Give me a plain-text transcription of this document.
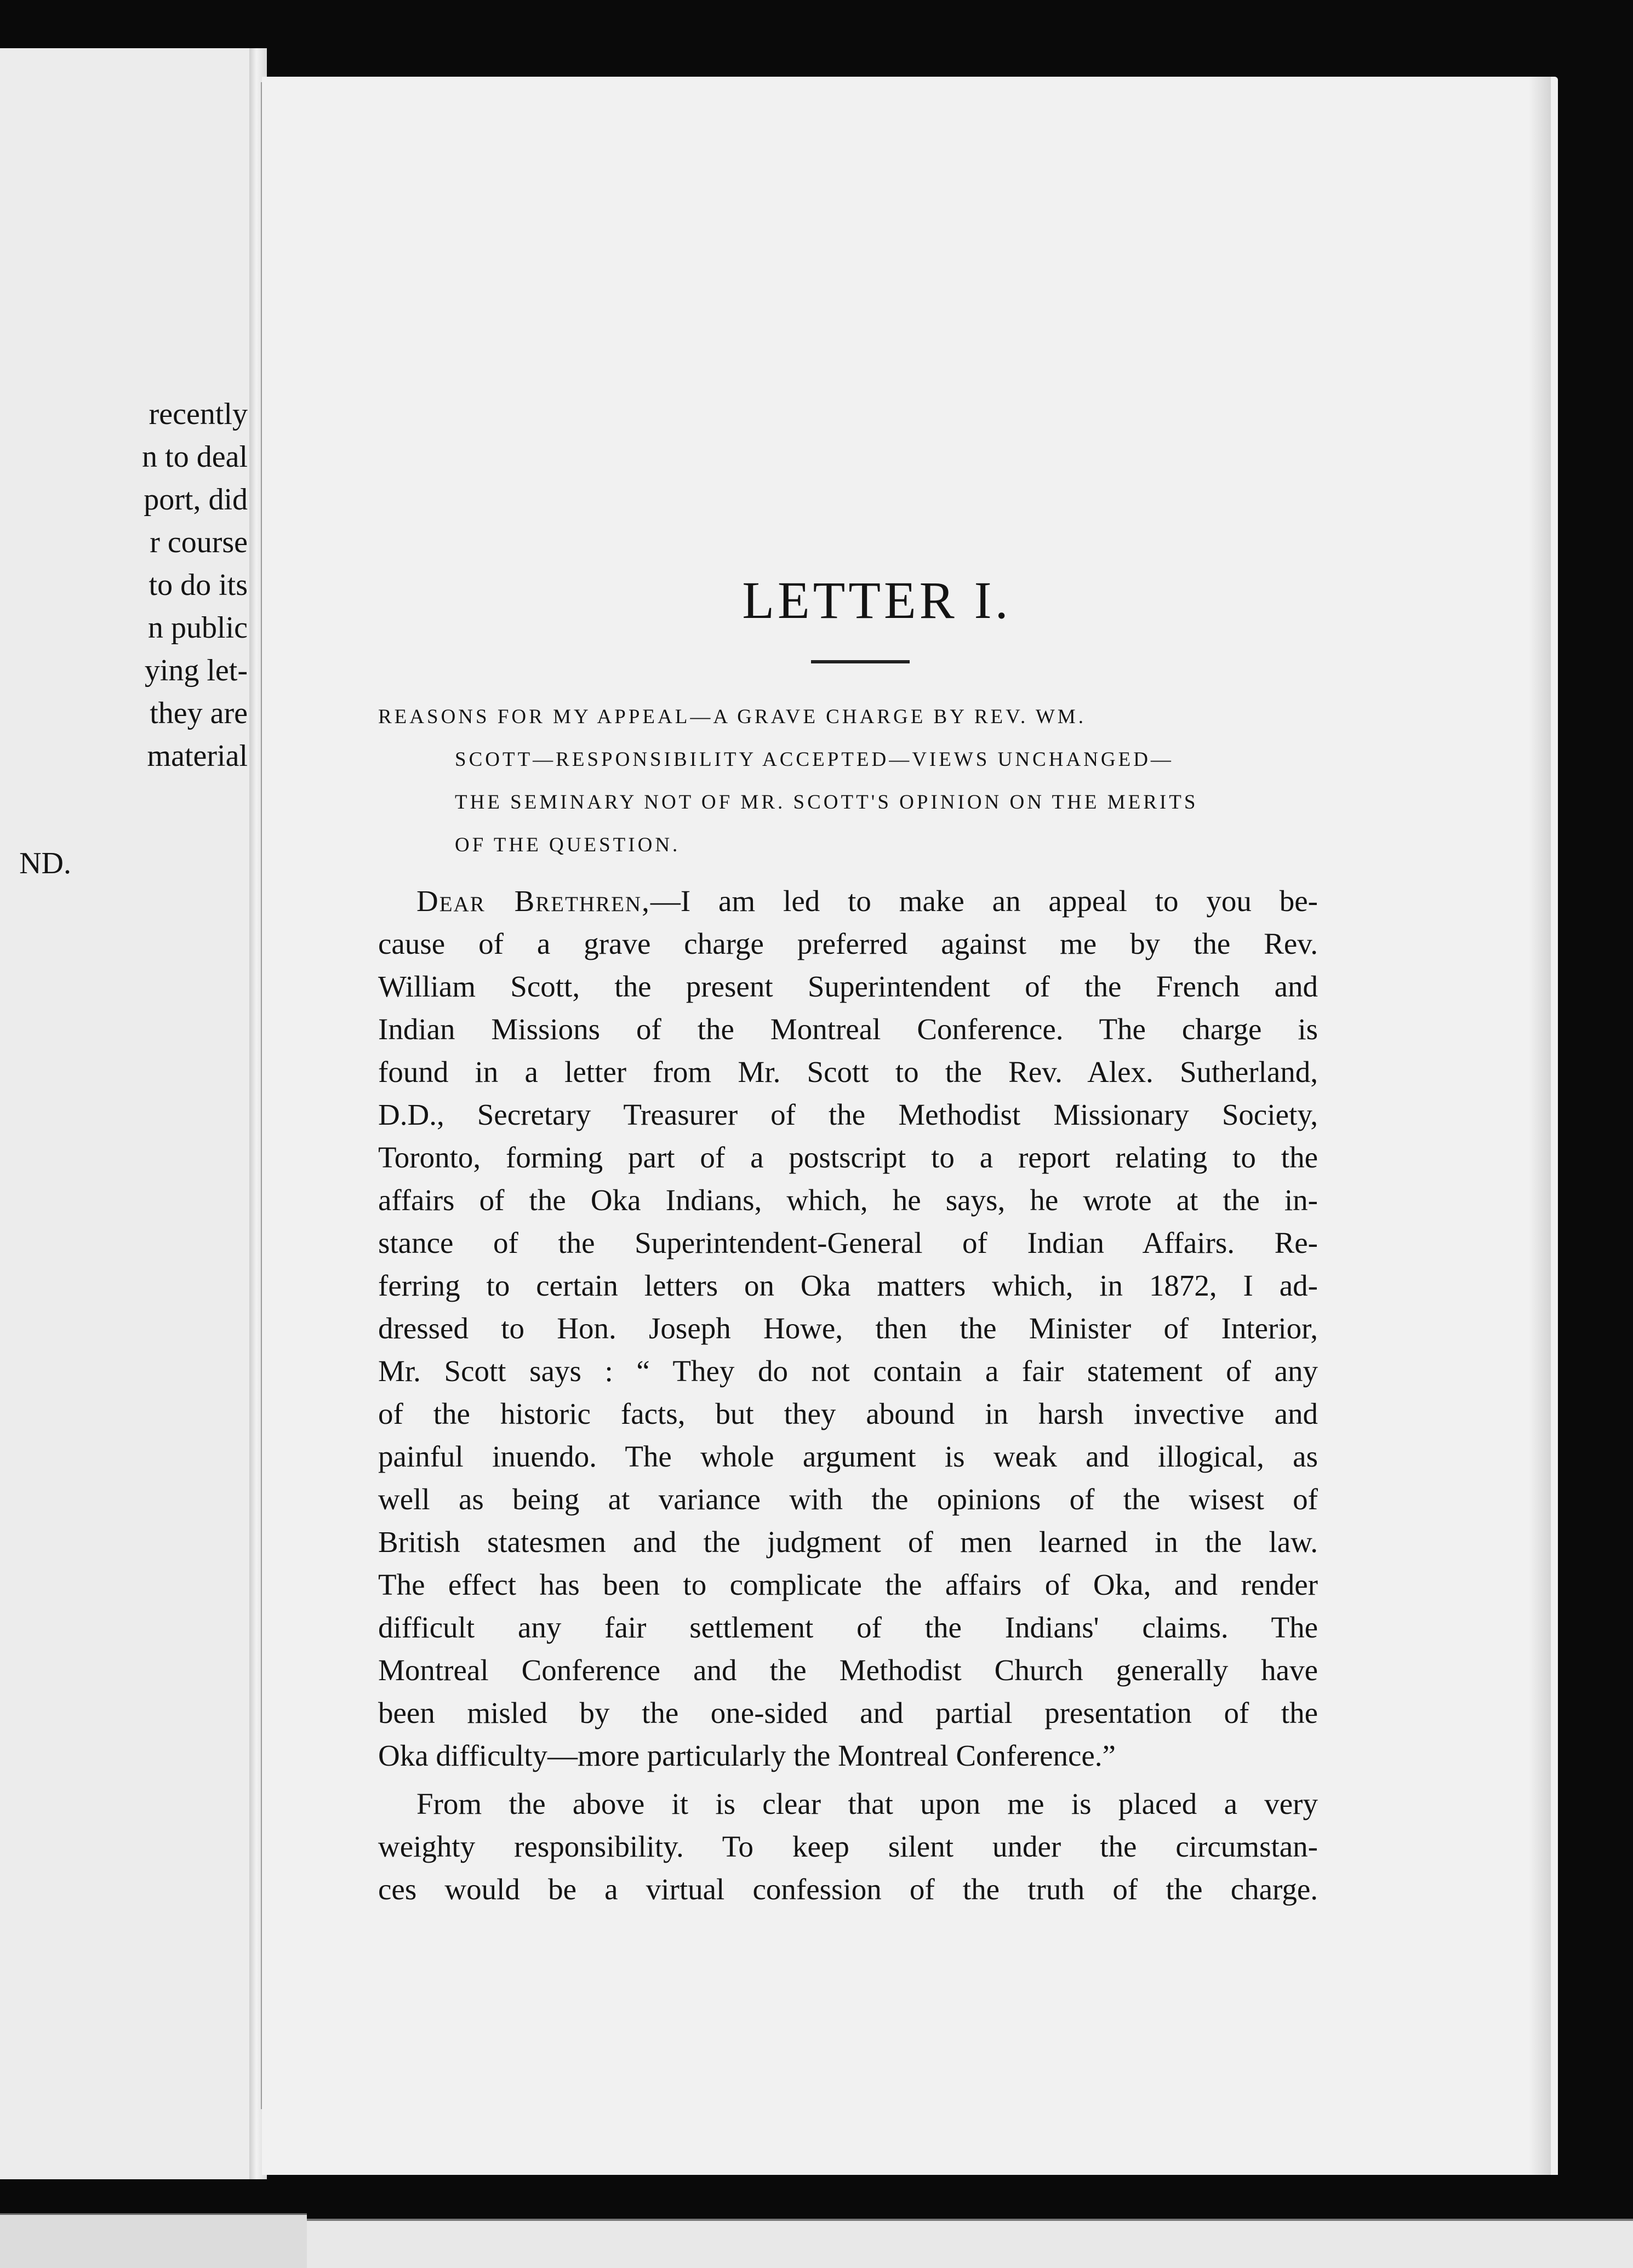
recently
n to deal
port, did
r course
to do its
n public
ying let-
they are
material
ND.
LETTER I.
REASONS FOR MY APPEAL—A GRAVE CHARGE BY REV. WM.
SCOTT—RESPONSIBILITY ACCEPTED—VIEWS UNCHANGED—
THE SEMINARY NOT OF MR. SCOTT'S OPINION ON THE MERITS
OF THE QUESTION.
Dear Brethren,—I am led to make an appeal to you be-
cause of a grave charge preferred against me by the Rev.
William Scott, the present Superintendent of the French and
Indian Missions of the Montreal Conference. The charge is
found in a letter from Mr. Scott to the Rev. Alex. Sutherland,
D.D., Secretary Treasurer of the Methodist Missionary Society,
Toronto, forming part of a postscript to a report relating to the
affairs of the Oka Indians, which, he says, he wrote at the in-
stance of the Superintendent-General of Indian Affairs. Re-
ferring to certain letters on Oka matters which, in 1872, I ad-
dressed to Hon. Joseph Howe, then the Minister of Interior,
Mr. Scott says : “ They do not contain a fair statement of any
of the historic facts, but they abound in harsh invective and
painful inuendo. The whole argument is weak and illogical, as
well as being at variance with the opinions of the wisest of
British statesmen and the judgment of men learned in the law.
The effect has been to complicate the affairs of Oka, and render
difficult any fair settlement of the Indians' claims. The
Montreal Conference and the Methodist Church generally have
been misled by the one-sided and partial presentation of the
Oka difficulty—more particularly the Montreal Conference.”
From the above it is clear that upon me is placed a very
weighty responsibility. To keep silent under the circumstan-
ces would be a virtual confession of the truth of the charge.
